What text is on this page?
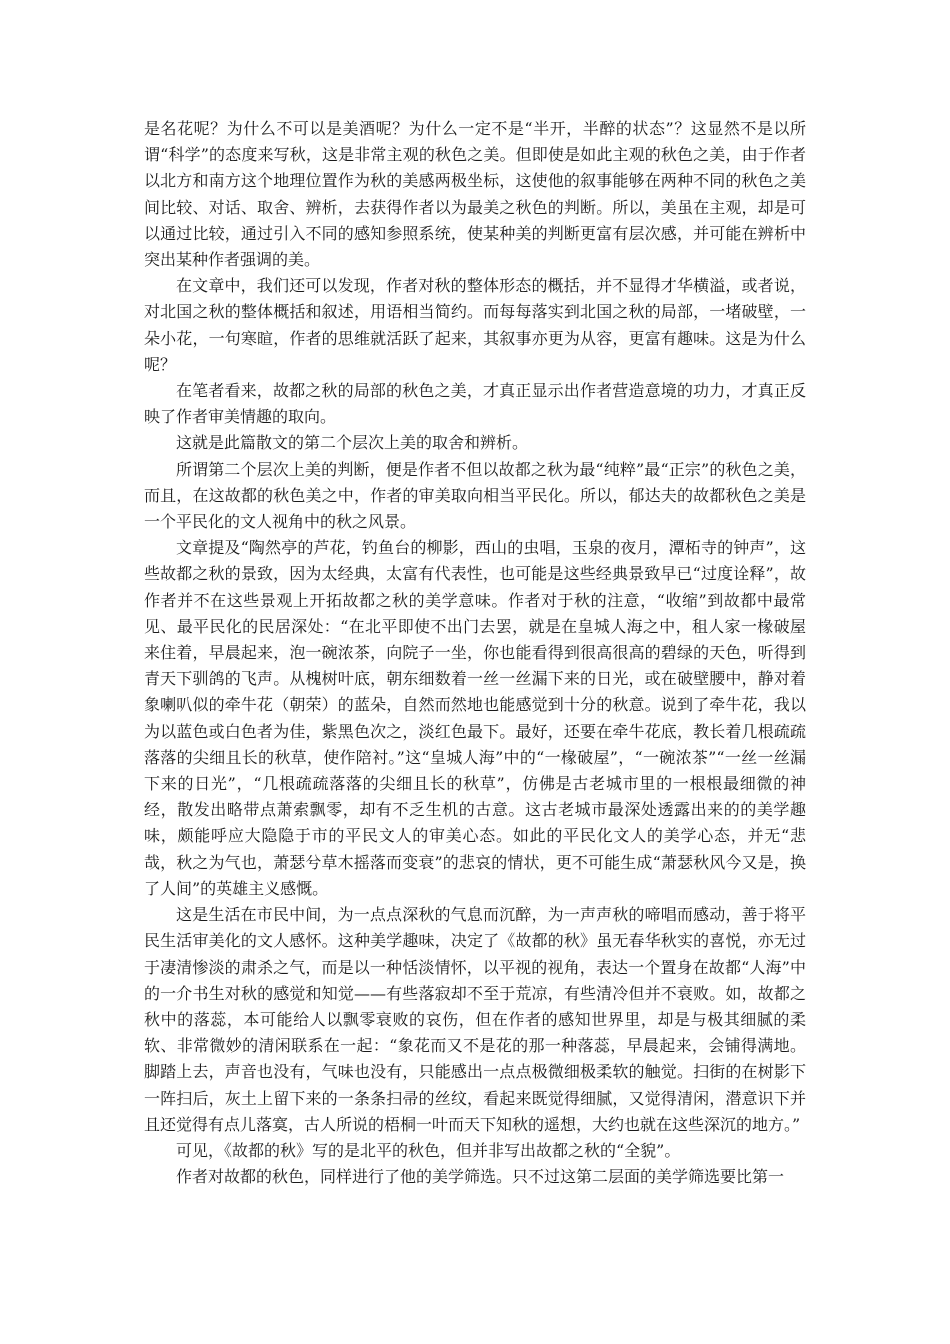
是名花呢？为什么不可以是美酒呢？为什么一定不是“半开，半醉的状态”？这显然不是以所谓“科学”的态度来写秋，这是非常主观的秋色之美。但即使是如此主观的秋色之美，由于作者以北方和南方这个地理位置作为秋的美感两极坐标，这使他的叙事能够在两种不同的秋色之美间比较、对话、取舍、辨析，去获得作者以为最美之秋色的判断。所以，美虽在主观，却是可以通过比较，通过引入不同的感知参照系统，使某种美的判断更富有层次感，并可能在辨析中突出某种作者强调的美。

在文章中，我们还可以发现，作者对秋的整体形态的概括，并不显得才华横溢，或者说，对北国之秋的整体概括和叙述，用语相当简约。而每每落实到北国之秋的局部，一堵破壁，一朵小花，一句寒暄，作者的思维就活跃了起来，其叙事亦更为从容，更富有趣味。这是为什么呢？

在笔者看来，故都之秋的局部的秋色之美，才真正显示出作者营造意境的功力，才真正反映了作者审美情趣的取向。

这就是此篇散文的第二个层次上美的取舍和辨析。

所谓第二个层次上美的判断，便是作者不但以故都之秋为最“纯粹”最“正宗”的秋色之美，而且，在这故都的秋色美之中，作者的审美取向相当平民化。所以，郁达夫的故都秋色之美是一个平民化的文人视角中的秋之风景。

文章提及“陶然亭的芦花，钓鱼台的柳影，西山的虫唱，玉泉的夜月，潭柘寺的钟声”，这些故都之秋的景致，因为太经典，太富有代表性，也可能是这些经典景致早已“过度诠释”，故作者并不在这些景观上开拓故都之秋的美学意味。作者对于秋的注意，“收缩”到故都中最常见、最平民化的民居深处：“在北平即使不出门去罢，就是在皇城人海之中，租人家一椽破屋来住着，早晨起来，泡一碗浓茶，向院子一坐，你也能看得到很高很高的碧绿的天色，听得到青天下驯鸽的飞声。从槐树叶底，朝东细数着一丝一丝漏下来的日光，或在破壁腰中，静对着象喇叭似的牵牛花（朝荣）的蓝朵，自然而然地也能感觉到十分的秋意。说到了牵牛花，我以为以蓝色或白色者为佳，紫黑色次之，淡红色最下。最好，还要在牵牛花底，教长着几根疏疏落落的尖细且长的秋草，使作陪衬。”这“皇城人海”中的“一椽破屋”，“一碗浓茶”“一丝一丝漏下来的日光”，“几根疏疏落落的尖细且长的秋草”，仿佛是古老城市里的一根根最细微的神经，散发出略带点萧索飘零，却有不乏生机的古意。这古老城市最深处透露出来的的美学趣味，颇能呼应大隐隐于市的平民文人的审美心态。如此的平民化文人的美学心态，并无“悲哉，秋之为气也，萧瑟兮草木摇落而变衰”的悲哀的情状，更不可能生成“萧瑟秋风今又是，换了人间”的英雄主义感慨。

这是生活在市民中间，为一点点深秋的气息而沉醉，为一声声秋的啼唱而感动，善于将平民生活审美化的文人感怀。这种美学趣味，决定了《故都的秋》虽无春华秋实的喜悦，亦无过于凄清惨淡的肃杀之气，而是以一种恬淡情怀，以平视的视角，表达一个置身在故都“人海”中的一介书生对秋的感觉和知觉——有些落寂却不至于荒凉，有些清冷但并不衰败。如，故都之秋中的落蕊，本可能给人以飘零衰败的哀伤，但在作者的感知世界里，却是与极其细腻的柔软、非常微妙的清闲联系在一起：“象花而又不是花的那一种落蕊，早晨起来，会铺得满地。脚踏上去，声音也没有，气味也没有，只能感出一点点极微细极柔软的触觉。扫街的在树影下一阵扫后，灰土上留下来的一条条扫帚的丝纹，看起来既觉得细腻，又觉得清闲，潜意识下并且还觉得有点儿落寞，古人所说的梧桐一叶而天下知秋的遥想，大约也就在这些深沉的地方。”

可见，《故都的秋》写的是北平的秋色，但并非写出故都之秋的“全貌”。

作者对故都的秋色，同样进行了他的美学筛选。只不过这第二层面的美学筛选要比第一
